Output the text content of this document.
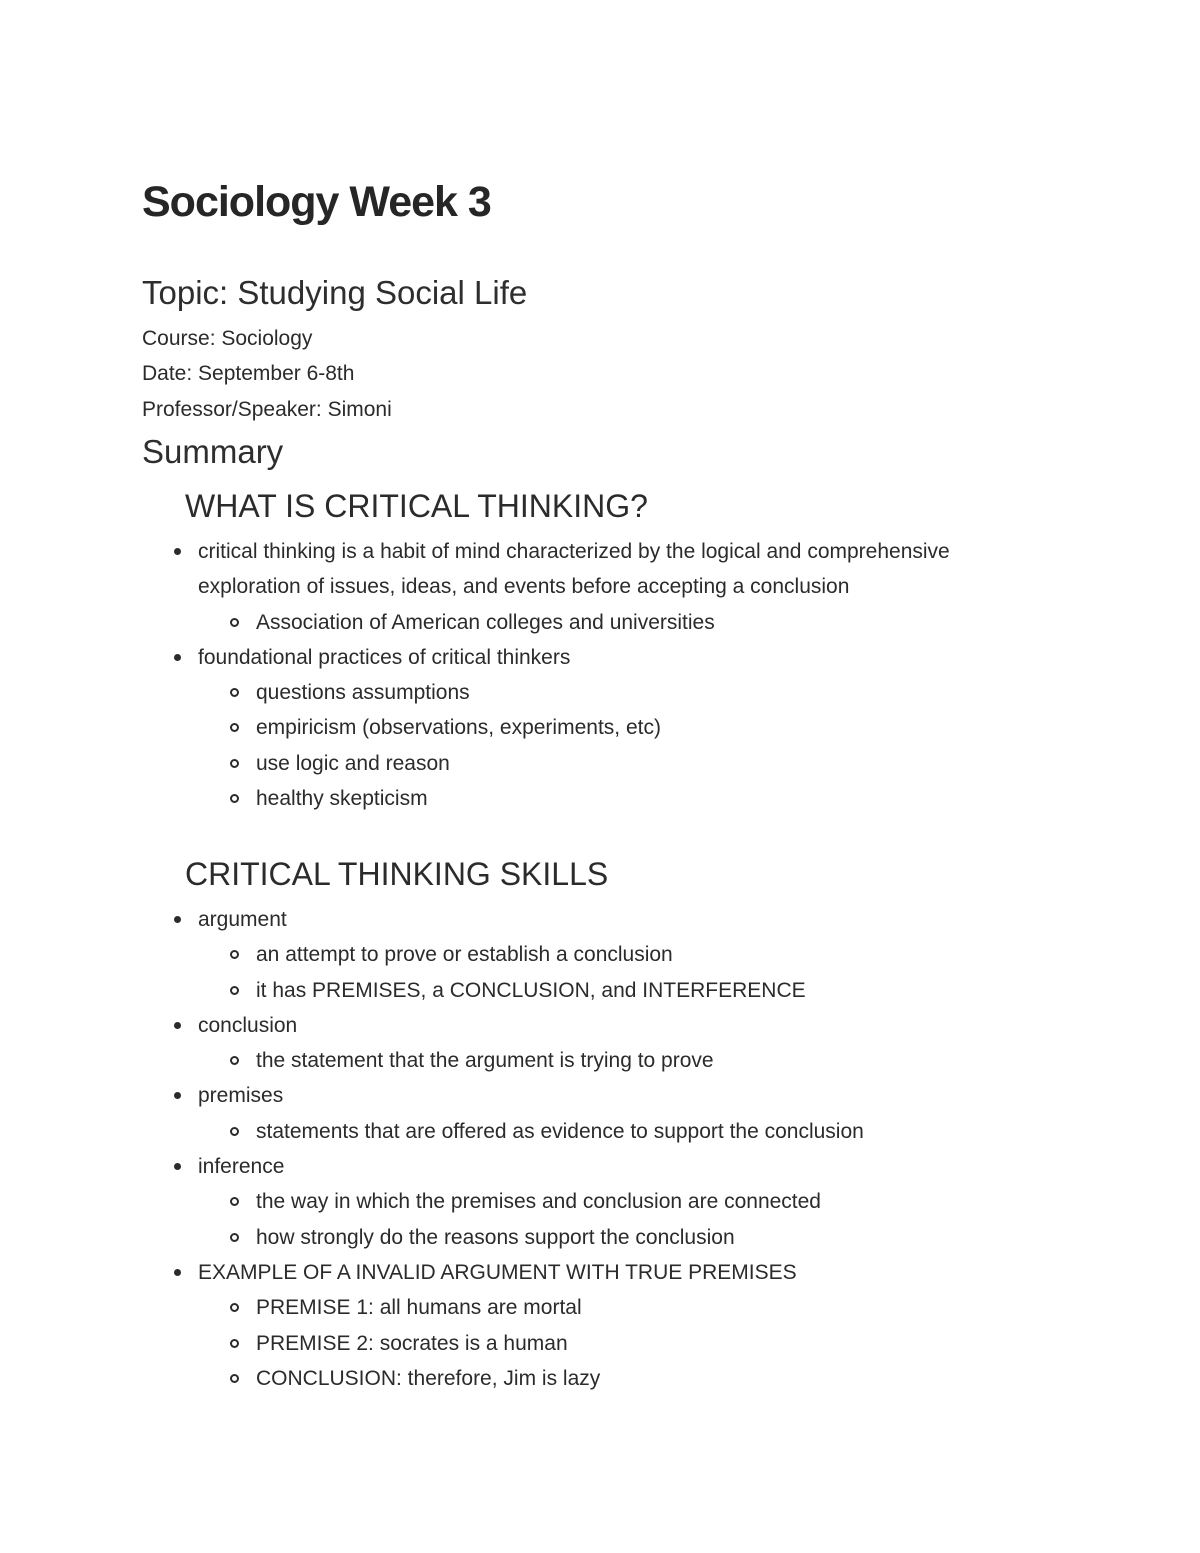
Sociology Week 3
Topic: Studying Social Life
Course: Sociology
Date: September 6-8th
Professor/Speaker: Simoni
Summary
WHAT IS CRITICAL THINKING?
critical thinking is a habit of mind characterized by the logical and comprehensive exploration of issues, ideas, and events before accepting a conclusion
Association of American colleges and universities
foundational practices of critical thinkers
questions assumptions
empiricism (observations, experiments, etc)
use logic and reason
healthy skepticism
CRITICAL THINKING SKILLS
argument
an attempt to prove or establish a conclusion
it has PREMISES, a CONCLUSION, and INTERFERENCE
conclusion
the statement that the argument is trying to prove
premises
statements that are offered as evidence to support the conclusion
inference
the way in which the premises and conclusion are connected
how strongly do the reasons support the conclusion
EXAMPLE OF A INVALID ARGUMENT WITH TRUE PREMISES
PREMISE 1: all humans are mortal
PREMISE 2: socrates is a human
CONCLUSION: therefore, Jim is lazy
